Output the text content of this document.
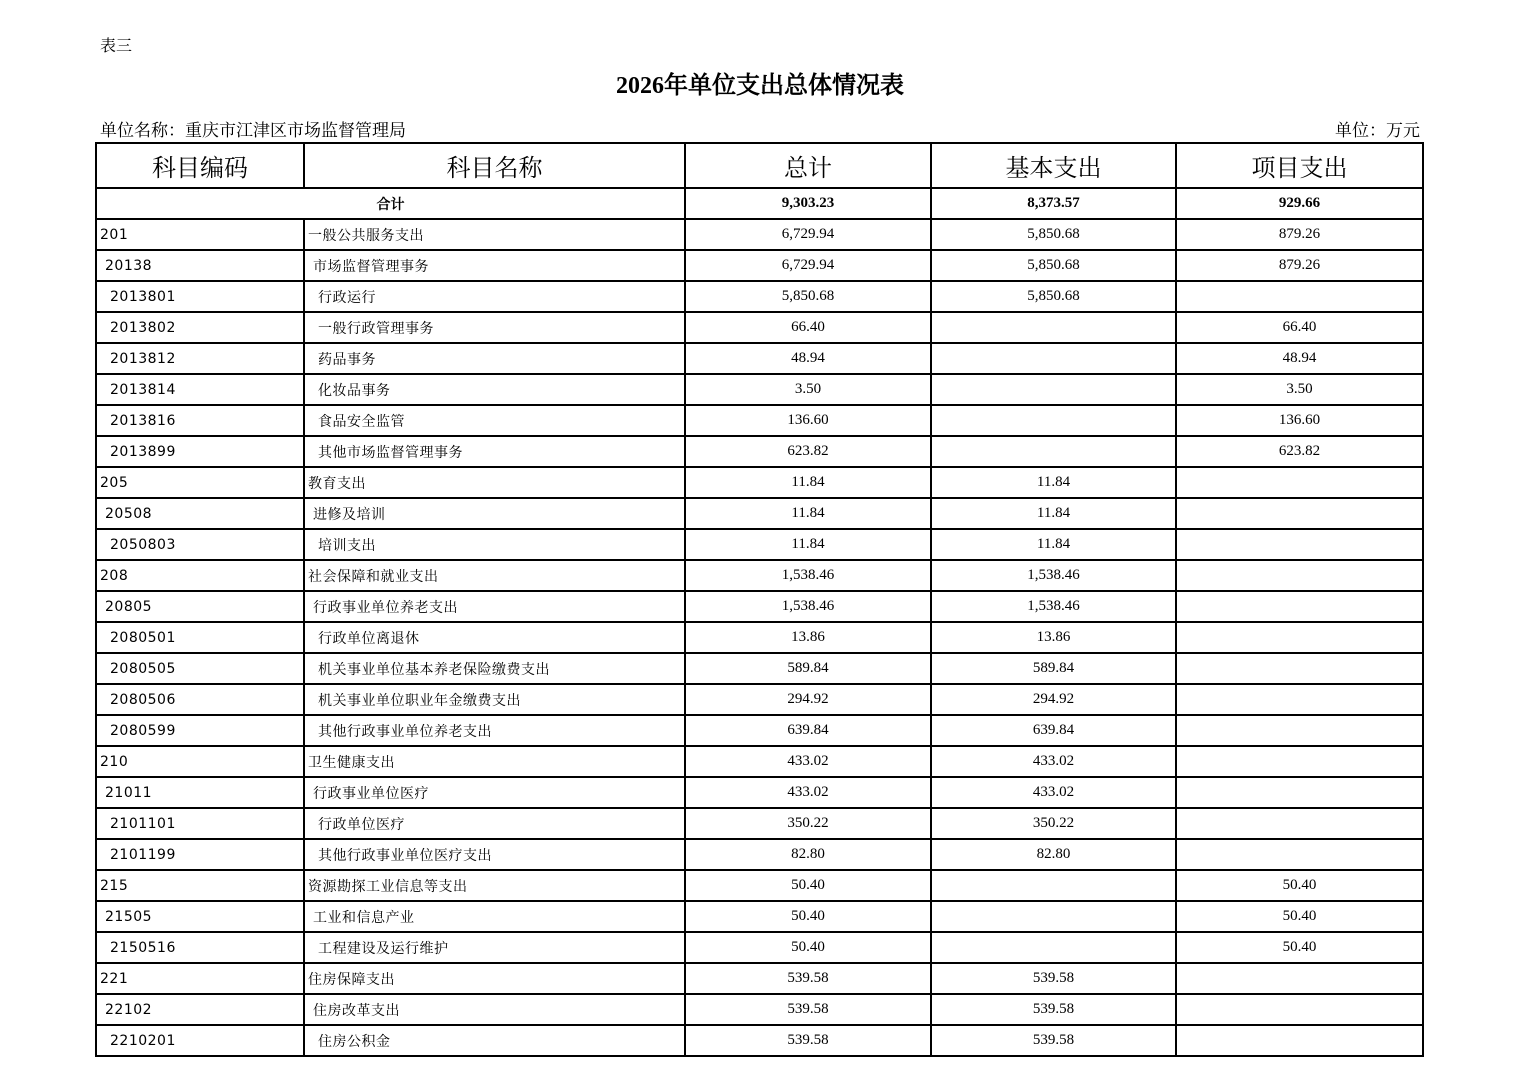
表三
2026年单位支出总体情况表
单位名称：重庆市江津区市场监督管理局	单位：万元
科目编码	科目名称	总计	基本支出	项目支出
合计		9,303.23	8,373.57	929.66
201	一般公共服务支出	6,729.94	5,850.68	879.26
20138	市场监督管理事务	6,729.94	5,850.68	879.26
2013801	行政运行	5,850.68	5,850.68	
2013802	一般行政管理事务	66.40		66.40
2013812	药品事务	48.94		48.94
2013814	化妆品事务	3.50		3.50
2013816	食品安全监管	136.60		136.60
2013899	其他市场监督管理事务	623.82		623.82
205	教育支出	11.84	11.84	
20508	进修及培训	11.84	11.84	
2050803	培训支出	11.84	11.84	
208	社会保障和就业支出	1,538.46	1,538.46	
20805	行政事业单位养老支出	1,538.46	1,538.46	
2080501	行政单位离退休	13.86	13.86	
2080505	机关事业单位基本养老保险缴费支出	589.84	589.84	
2080506	机关事业单位职业年金缴费支出	294.92	294.92	
2080599	其他行政事业单位养老支出	639.84	639.84	
210	卫生健康支出	433.02	433.02	
21011	行政事业单位医疗	433.02	433.02	
2101101	行政单位医疗	350.22	350.22	
2101199	其他行政事业单位医疗支出	82.80	82.80	
215	资源勘探工业信息等支出	50.40		50.40
21505	工业和信息产业	50.40		50.40
2150516	工程建设及运行维护	50.40		50.40
221	住房保障支出	539.58	539.58	
22102	住房改革支出	539.58	539.58	
2210201	住房公积金	539.58	539.58	
